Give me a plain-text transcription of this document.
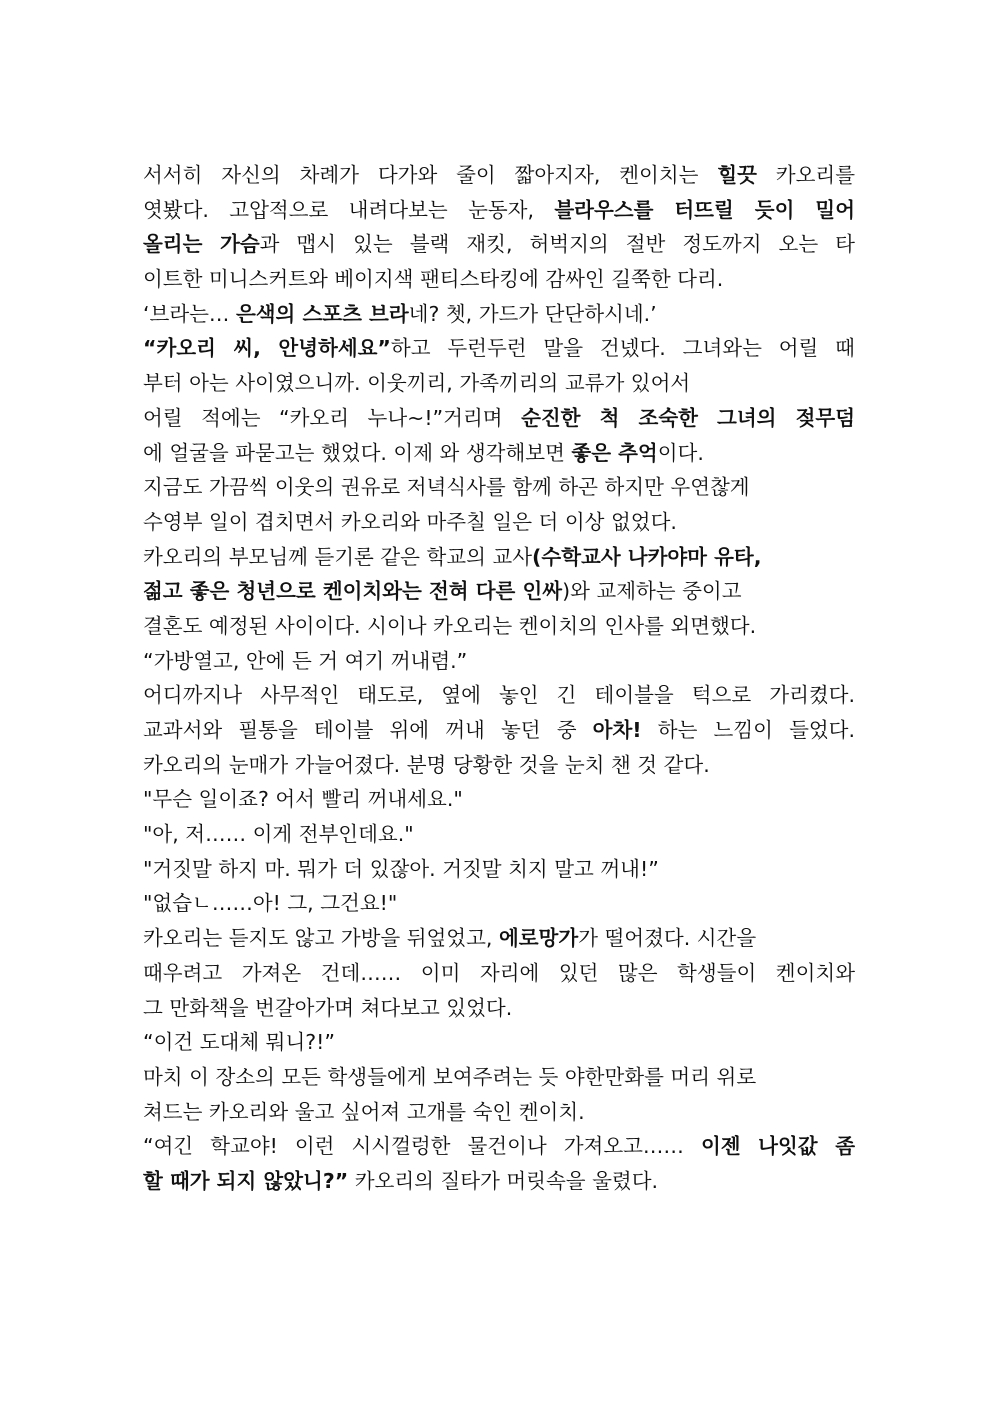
서서히 자신의 차례가 다가와 줄이 짧아지자, 켄이치는 힐끗 카오리를
엿봤다. 고압적으로 내려다보는 눈동자, 블라우스를 터뜨릴 듯이 밀어
올리는 가슴과 맵시 있는 블랙 재킷, 허벅지의 절반 정도까지 오는 타
이트한 미니스커트와 베이지색 팬티스타킹에 감싸인 길쭉한 다리.
‘브라는… 은색의 스포츠 브라네? 쳇, 가드가 단단하시네.’
“카오리 씨, 안녕하세요”하고 두런두런 말을 건넸다. 그녀와는 어릴 때
부터 아는 사이였으니까. 이웃끼리, 가족끼리의 교류가 있어서
어릴 적에는 “카오리 누나~!”거리며 순진한 척 조숙한 그녀의 젖무덤
에 얼굴을 파묻고는 했었다. 이제 와 생각해보면 좋은 추억이다.
지금도 가끔씩 이웃의 권유로 저녁식사를 함께 하곤 하지만 우연찮게
수영부 일이 겹치면서 카오리와 마주칠 일은 더 이상 없었다.
카오리의 부모님께 듣기론 같은 학교의 교사(수학교사 나카야마 유타,
젊고 좋은 청년으로 켄이치와는 전혀 다른 인싸)와 교제하는 중이고
결혼도 예정된 사이이다. 시이나 카오리는 켄이치의 인사를 외면했다.
“가방열고, 안에 든 거 여기 꺼내렴.”
어디까지나 사무적인 태도로, 옆에 놓인 긴 테이블을 턱으로 가리켰다.
교과서와 필통을 테이블 위에 꺼내 놓던 중 아차! 하는 느낌이 들었다.
카오리의 눈매가 가늘어졌다. 분명 당황한 것을 눈치 챈 것 같다.
"무슨 일이죠? 어서 빨리 꺼내세요."
"아, 저…… 이게 전부인데요."
"거짓말 하지 마. 뭐가 더 있잖아. 거짓말 치지 말고 꺼내!”
"없습ㄴ……아! 그, 그건요!"
카오리는 듣지도 않고 가방을 뒤엎었고, 에로망가가 떨어졌다. 시간을
때우려고 가져온 건데…… 이미 자리에 있던 많은 학생들이 켄이치와
그 만화책을 번갈아가며 쳐다보고 있었다.
“이건 도대체 뭐니?!”
마치 이 장소의 모든 학생들에게 보여주려는 듯 야한만화를 머리 위로
쳐드는 카오리와 울고 싶어져 고개를 숙인 켄이치.
“여긴 학교야! 이런 시시껄렁한 물건이나 가져오고…… 이젠 나잇값 좀
할 때가 되지 않았니?” 카오리의 질타가 머릿속을 울렸다.
